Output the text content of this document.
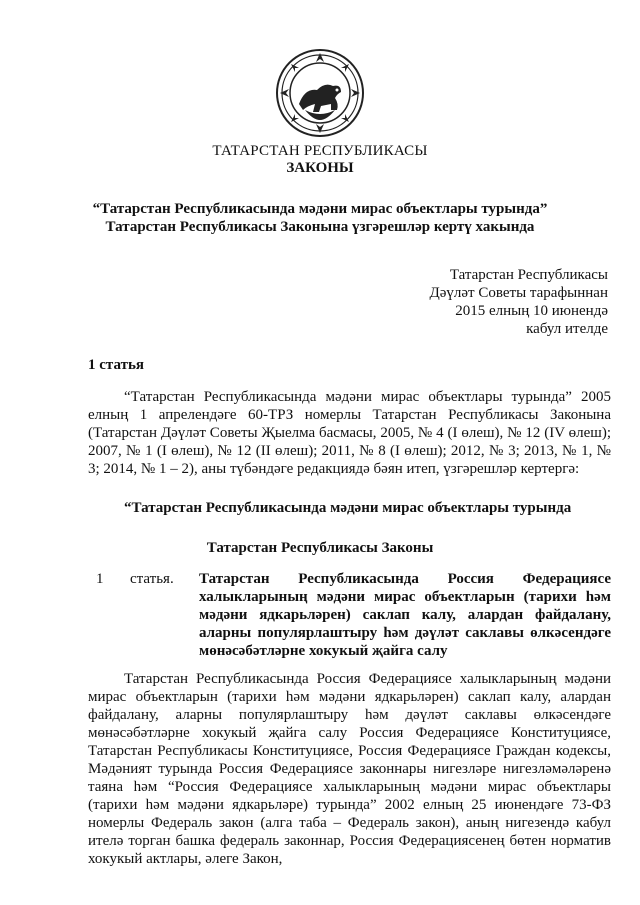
ТАТАРСТАН РЕСПУБЛИКАСЫ
ЗАКОНЫ
“Татарстан Республикасында мәдәни мирас объектлары турында”
Татарстан Республикасы Законына үзгәрешләр кертү хакында
Татарстан Республикасы
Дәүләт Советы тарафыннан
2015 елның 10 июнендә
кабул ителде
1 статья
“Татарстан Республикасында мәдәни мирас объектлары турында” 2005 елның 1 апрелендәге 60-ТРЗ номерлы Татарстан Республикасы Законына (Татарстан Дәүләт Советы Җыелма басмасы, 2005, № 4 (I өлеш), № 12 (IV өлеш); 2007, № 1 (I өлеш), № 12 (II өлеш); 2011, № 8 (I өлеш); 2012, № 3; 2013, № 1, № 3; 2014, № 1 – 2), аны түбәндәге редакциядә бәян итеп, үзгәрешләр кертергә:
“Татарстан Республикасында мәдәни мирас объектлары турында
Татарстан Республикасы Законы
1 статья. Татарстан Республикасында Россия Федерациясе халыкларының мәдәни мирас объектларын (тарихи һәм мәдәни ядкарьләрен) саклап калу, алардан файдалану, аларны популярлаштыру һәм дәүләт саклавы өлкәсендәге мөнәсәбәтләрне хокукый җайга салу
Татарстан Республикасында Россия Федерациясе халыкларының мәдәни мирас объектларын (тарихи һәм мәдәни ядкарьләрен) саклап калу, алардан файдалану, аларны популярлаштыру һәм дәүләт саклавы өлкәсендәге мөнәсәбәтләрне хокукый җайга салу Россия Федерациясе Конституциясе, Татарстан Республикасы Конституциясе, Россия Федерациясе Граждан кодексы, Мәдәният турында Россия Федерациясе законнары нигезләре нигезләмәләренә таяна һәм “Россия Федерациясе халыкларының мәдәни мирас объектлары (тарихи һәм мәдәни ядкарьләре) турында” 2002 елның 25 июнендәге 73-ФЗ номерлы Федераль закон (алга таба – Федераль закон), аның нигезендә кабул ителә торган башка федераль законнар, Россия Федерациясенең бөтен норматив хокукый актлары, әлеге Закон,
